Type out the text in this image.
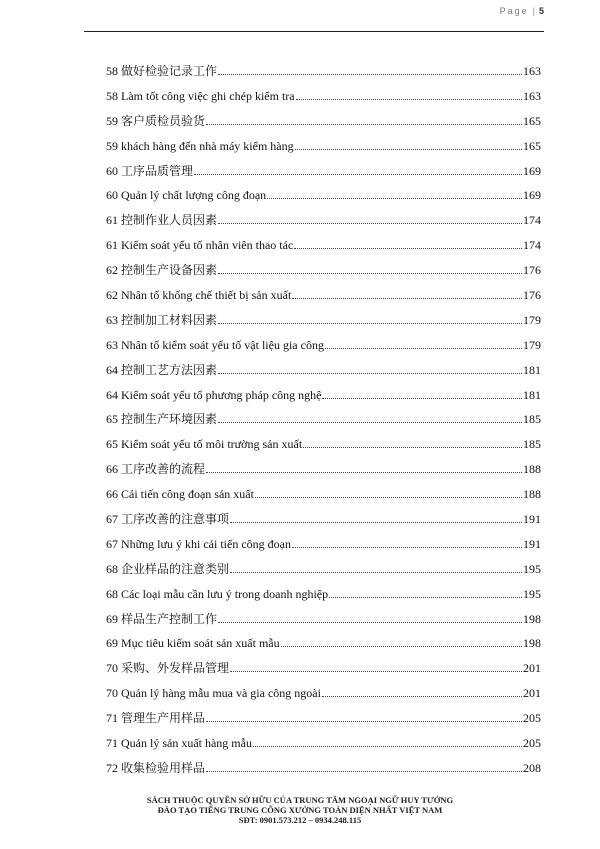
Page | 5
58 做好检验记录工作	163
58 Làm tốt công việc ghi chép kiểm tra	163
59 客户质检员验货	165
59 khách hàng đến nhà máy kiểm hàng	165
60 工序品质管理	169
60 Quản lý chất lượng công đoạn	169
61 控制作业人员因素	174
61 Kiểm soát yếu tố nhân viên thao tác	174
62 控制生产设备因素	176
62 Nhân tố khống chế thiết bị sản xuất	176
63 控制加工材料因素	179
63 Nhân tố kiểm soát yếu tố vật liệu gia công	179
64 控制工艺方法因素	181
64 Kiểm soát yếu tố phương pháp công nghệ	181
65 控制生产环境因素	185
65 Kiểm soát yếu tố môi trường sản xuất	185
66 工序改善的流程	188
66 Cải tiến công đoạn sản xuất	188
67 工序改善的注意事项	191
67 Những lưu ý khi cải tiến công đoạn	191
68 企业样品的注意类别	195
68 Các loại mẫu cần lưu ý trong doanh nghiệp	195
69 样品生产控制工作	198
69 Mục tiêu kiểm soát sản xuất mẫu	198
70 采购、外发样品管理	201
70 Quản lý hàng mẫu mua và gia công ngoài	201
71 管理生产用样品	205
71 Quản lý sản xuất hàng mẫu	205
72 收集检验用样品	208
SÁCH THUỘC QUYỀN SỞ HỮU CỦA TRUNG TÂM NGOẠI NGỮ HUY TƯỞNG
ĐÀO TẠO TIẾNG TRUNG CÔNG XƯỞNG TOÀN DIỆN NHẤT VIỆT NAM
SĐT: 0901.573.212 – 0934.248.115
